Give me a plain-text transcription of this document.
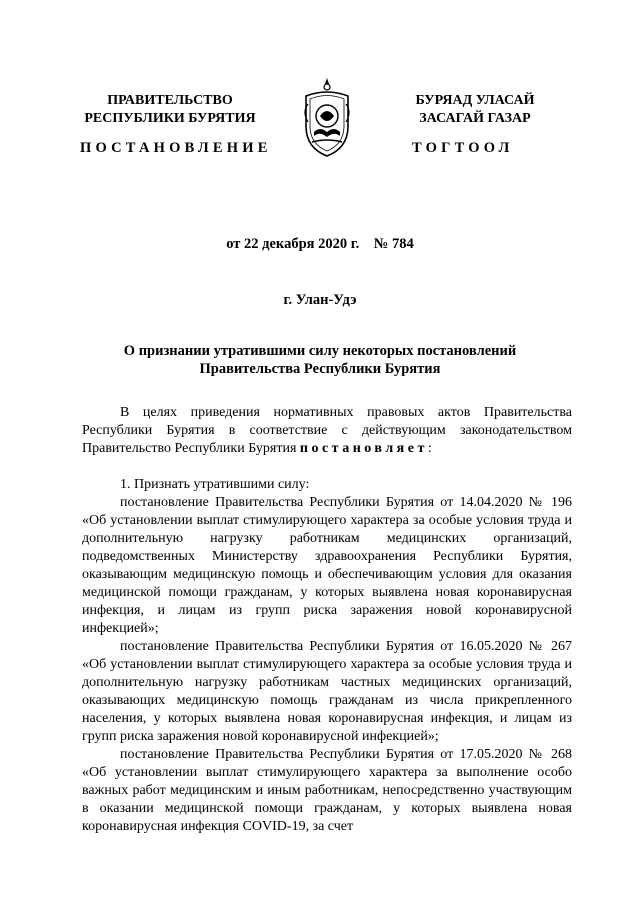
ПРАВИТЕЛЬСТВО
РЕСПУБЛИКИ БУРЯТИЯ
БУРЯАД УЛАСАЙ
ЗАСАГАЙ ГАЗАР
ПОСТАНОВЛЕНИЕ	ТОГТООЛ
от 22 декабря 2020 г.    № 784
г. Улан-Удэ
О признании утратившими силу некоторых постановлений
Правительства Республики Бурятия

В целях приведения нормативных правовых актов Правительства Республики Бурятия в соответствие с действующим законодательством Правительство Республики Бурятия постановляет:

1. Признать утратившими силу:

постановление Правительства Республики Бурятия от 14.04.2020 № 196 «Об установлении выплат стимулирующего характера за особые условия труда и дополнительную нагрузку работникам медицинских организаций, подведомственных Министерству здравоохранения Республики Бурятия, оказывающим медицинскую помощь и обеспечивающим условия для оказания медицинской помощи гражданам, у которых выявлена новая коронавирусная инфекция, и лицам из групп риска заражения новой коронавирусной инфекцией»;

постановление Правительства Республики Бурятия от 16.05.2020 № 267 «Об установлении выплат стимулирующего характера за особые условия труда и дополнительную нагрузку работникам частных медицинских организаций, оказывающих медицинскую помощь гражданам из числа прикрепленного населения, у которых выявлена новая коронавирусная инфекция, и лицам из групп риска заражения новой коронавирусной инфекцией»;

постановление Правительства Республики Бурятия от 17.05.2020 № 268 «Об установлении выплат стимулирующего характера за выполнение особо важных работ медицинским и иным работникам, непосредственно участвующим в оказании медицинской помощи гражданам, у которых выявлена новая коронавирусная инфекция COVID-19, за счет
